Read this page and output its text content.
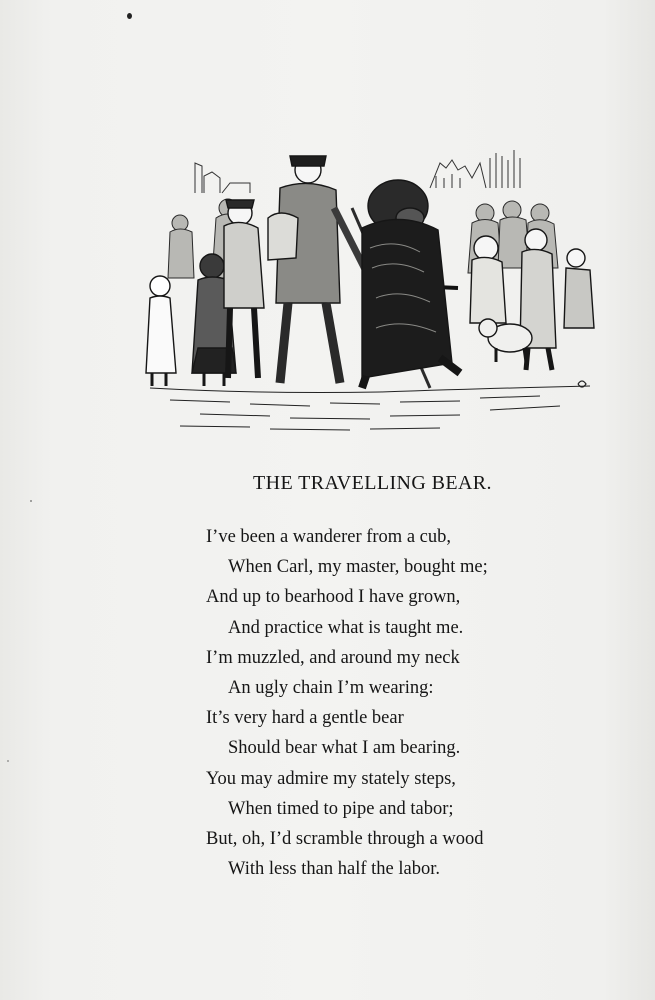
THE TRAVELLING BEAR.
I’ve been a wanderer from a cub,
When Carl, my master, bought me;
And up to bearhood I have grown,
And practice what is taught me.
I’m muzzled, and around my neck
An ugly chain I’m wearing:
It’s very hard a gentle bear
Should bear what I am bearing.
You may admire my stately steps,
When timed to pipe and tabor;
But, oh, I’d scramble through a wood
With less than half the labor.
